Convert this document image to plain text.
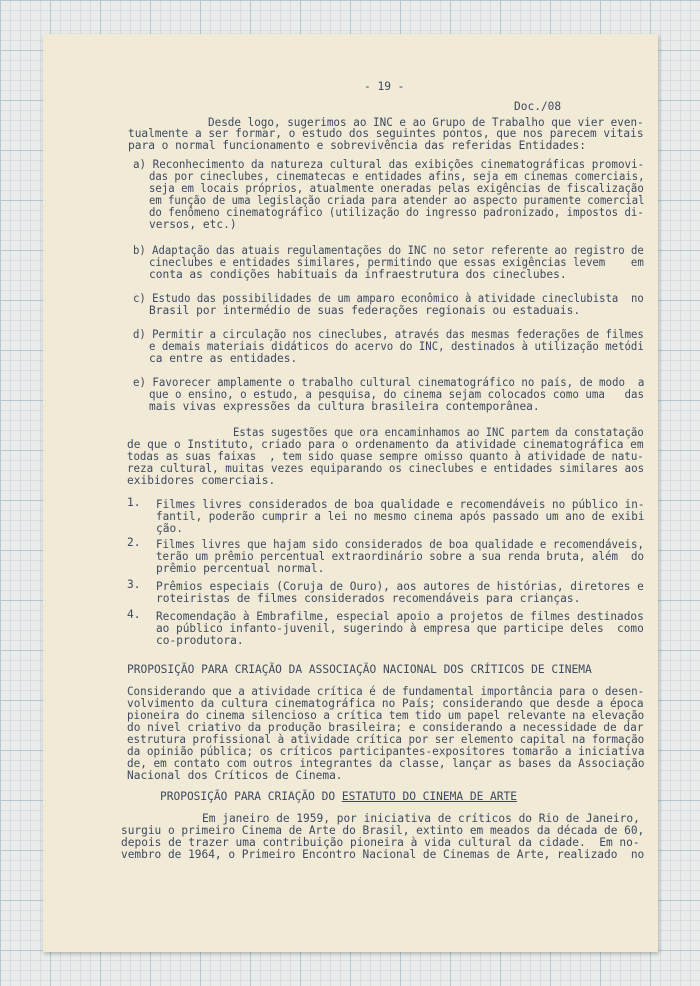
- 19 -
Doc./08
Desde logo, sugerimos ao INC e ao Grupo de Trabalho que vier even-
tualmente a ser formar, o estudo dos seguintes pontos, que nos parecem vitais
para o normal funcionamento e sobrevivência das referidas Entidades:
a) Reconhecimento da natureza cultural das exibições cinematográficas promovi-
das por cineclubes, cinematecas e entidades afins, seja em cinemas comerciais,
seja em locais próprios, atualmente oneradas pelas exigências de fiscalização
em função de uma legislação criada para atender ao aspecto puramente comercial
do fenômeno cinematográfico (utilização do ingresso padronizado, impostos di-
versos, etc.)
b) Adaptação das atuais regulamentações do INC no setor referente ao registro de
cineclubes e entidades similares, permitindo que essas exigências levem    em
conta as condições habituais da infraestrutura dos cineclubes.
c) Estudo das possibilidades de um amparo econômico à atividade cineclubista  no
Brasil por intermédio de suas federações regionais ou estaduais.
d) Permitir a circulação nos cineclubes, através das mesmas federações de filmes
e demais materiais didáticos do acervo do INC, destinados à utilização metódi
ca entre as entidades.
e) Favorecer amplamente o trabalho cultural cinematográfico no país, de modo  a
que o ensino, o estudo, a pesquisa, do cinema sejam colocados como uma   das
mais vivas expressões da cultura brasileira contemporânea.
Estas sugestões que ora encaminhamos ao INC partem da constatação
de que o Instituto, criado para o ordenamento da atividade cinematográfica em
todas as suas faixas  , tem sido quase sempre omisso quanto à atividade de natu-
reza cultural, muitas vezes equiparando os cineclubes e entidades similares aos
exibidores comerciais.
1. Filmes livres considerados de boa qualidade e recomendáveis no público in-
fantil, poderão cumprir a lei no mesmo cinema após passado um ano de exibi
ção.
2. Filmes livres que hajam sido considerados de boa qualidade e recomendáveis,
terão um prêmio percentual extraordinário sobre a sua renda bruta, além  do
prêmio percentual normal.
3. Prêmios especiais (Coruja de Ouro), aos autores de histórias, diretores e
roteiristas de filmes considerados recomendáveis para crianças.
4. Recomendação à Embrafilme, especial apoio a projetos de filmes destinados
ao público infanto-juvenil, sugerindo à empresa que participe deles  como
co-produtora.
PROPOSIÇÃO PARA CRIAÇÃO DA ASSOCIAÇÃO NACIONAL DOS CRÍTICOS DE CINEMA
Considerando que a atividade crítica é de fundamental importância para o desen-
volvimento da cultura cinematográfica no País; considerando que desde a época
pioneira do cinema silencioso a crítica tem tido um papel relevante na elevação
do nível criativo da produção brasileira; e considerando a necessidade de dar
estrutura profissional à atividade crítica por ser elemento capital na formação
da opinião pública; os críticos participantes-expositores tomarão a iniciativa
de, em contato com outros integrantes da classe, lançar as bases da Associação
Nacional dos Críticos de Cinema.
PROPOSIÇÃO PARA CRIAÇÃO DO ESTATUTO DO CINEMA DE ARTE
Em janeiro de 1959, por iniciativa de críticos do Rio de Janeiro,
surgiu o primeiro Cinema de Arte do Brasil, extinto em meados da década de 60,
depois de trazer uma contribuição pioneira à vida cultural da cidade.  Em no-
vembro de 1964, o Primeiro Encontro Nacional de Cinemas de Arte, realizado  no
